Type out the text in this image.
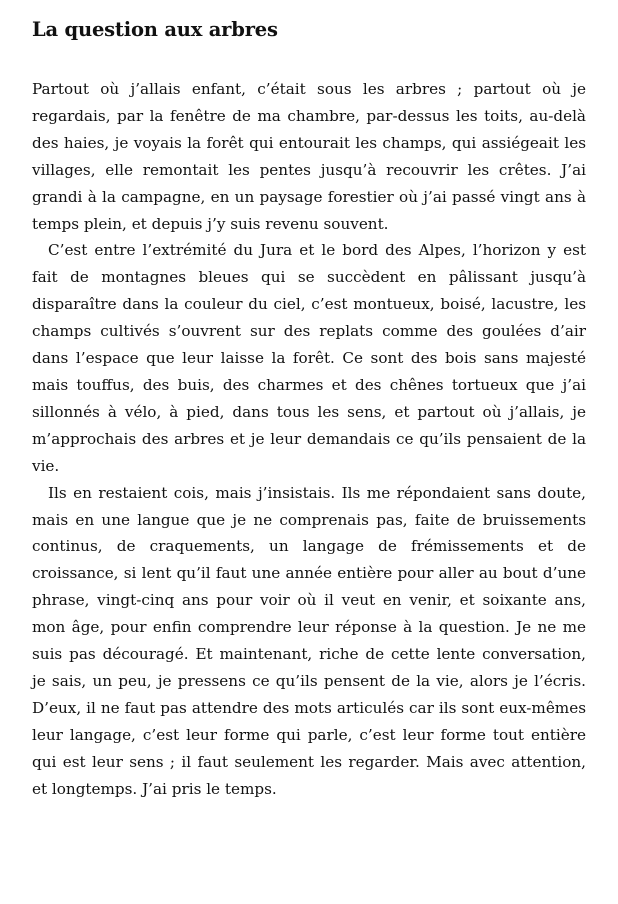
La question aux arbres

Partout où j’allais enfant, c’était sous les arbres ; partout où je regardais, par la fenêtre de ma chambre, par-dessus les toits, au-delà des haies, je voyais la forêt qui entourait les champs, qui assiégeait les villages, elle remontait les pentes jusqu’à recouvrir les crêtes. J’ai grandi à la campagne, en un paysage forestier où j’ai passé vingt ans à temps plein, et depuis j’y suis revenu souvent.

C’est entre l’extrémité du Jura et le bord des Alpes, l’horizon y est fait de montagnes bleues qui se succèdent en pâlissant jusqu’à disparaître dans la couleur du ciel, c’est montueux, boisé, lacustre, les champs cultivés s’ouvrent sur des replats comme des goulées d’air dans l’espace que leur laisse la forêt. Ce sont des bois sans majesté mais touffus, des buis, des charmes et des chênes tortueux que j’ai sillonnés à vélo, à pied, dans tous les sens, et partout où j’allais, je m’approchais des arbres et je leur demandais ce qu’ils pensaient de la vie.

Ils en restaient cois, mais j’insistais. Ils me répondaient sans doute, mais en une langue que je ne comprenais pas, faite de bruissements continus, de craquements, un langage de frémissements et de croissance, si lent qu’il faut une année entière pour aller au bout d’une phrase, vingt-cinq ans pour voir où il veut en venir, et soixante ans, mon âge, pour enfin comprendre leur réponse à la question. Je ne me suis pas découragé. Et maintenant, riche de cette lente conversation, je sais, un peu, je pressens ce qu’ils pensent de la vie, alors je l’écris. D’eux, il ne faut pas attendre des mots articulés car ils sont eux-mêmes leur langage, c’est leur forme qui parle, c’est leur forme tout entière qui est leur sens ; il faut seulement les regarder. Mais avec attention, et longtemps. J’ai pris le temps.
